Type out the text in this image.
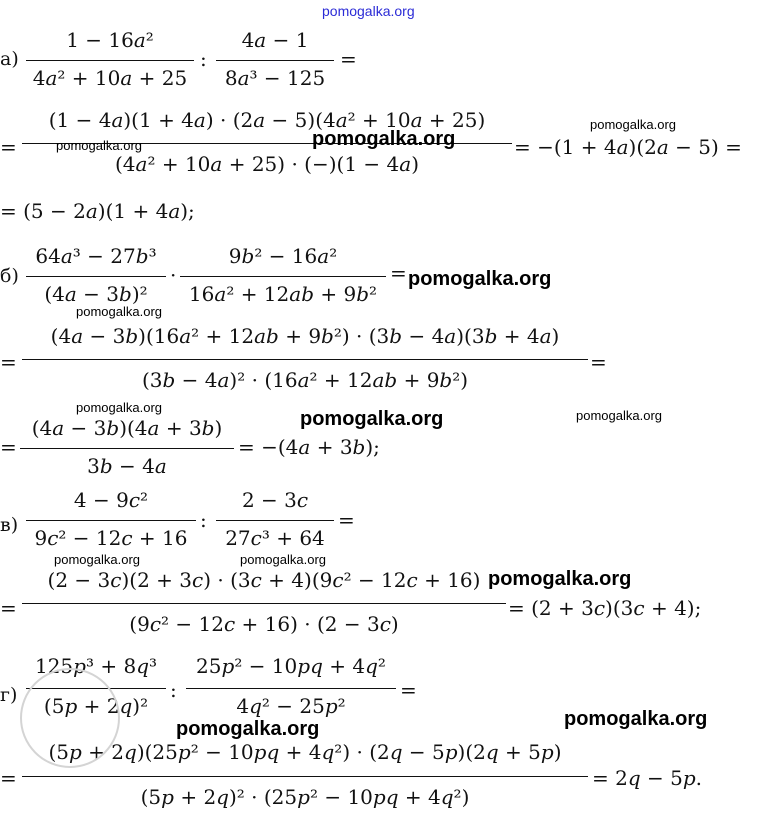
pomogalka.org
а)
1 − 16a²
4a² + 10a + 25
:
4a − 1
8a³ − 125
=
=
(1 − 4a)(1 + 4a) · (2a − 5)(4a² + 10a + 25)
(4a² + 10a + 25) · (−)(1 − 4a)
= −(1 + 4a)(2a − 5) =
= (5 − 2a)(1 + 4a);
б)
64a³ − 27b³
(4a − 3b)²
·
9b² − 16a²
16a² + 12ab + 9b²
=
=
(4a − 3b)(16a² + 12ab + 9b²) · (3b − 4a)(3b + 4a)
(3b − 4a)² · (16a² + 12ab + 9b²)
=
=
(4a − 3b)(4a + 3b)
3b − 4a
= −(4a + 3b);
в)
4 − 9c²
9c² − 12c + 16
:
2 − 3c
27c³ + 64
=
=
(2 − 3c)(2 + 3c) · (3c + 4)(9c² − 12c + 16)
(9c² − 12c + 16) · (2 − 3c)
= (2 + 3c)(3c + 4);
г)
125p³ + 8q³
(5p + 2q)²
:
25p² − 10pq + 4q²
4q² − 25p²
=
=
(5p + 2q)(25p² − 10pq + 4q²) · (2q − 5p)(2q + 5p)
(5p + 2q)² · (25p² − 10pq + 4q²)
= 2q − 5p.
pomogalka.org	pomogalka.org
pomogalka.org
pomogalka.org
pomogalka.org
pomogalka.org
pomogalka.org	pomogalka.org
pomogalka.org	pomogalka.org
pomogalka.org
pomogalka.org
pomogalka.org
